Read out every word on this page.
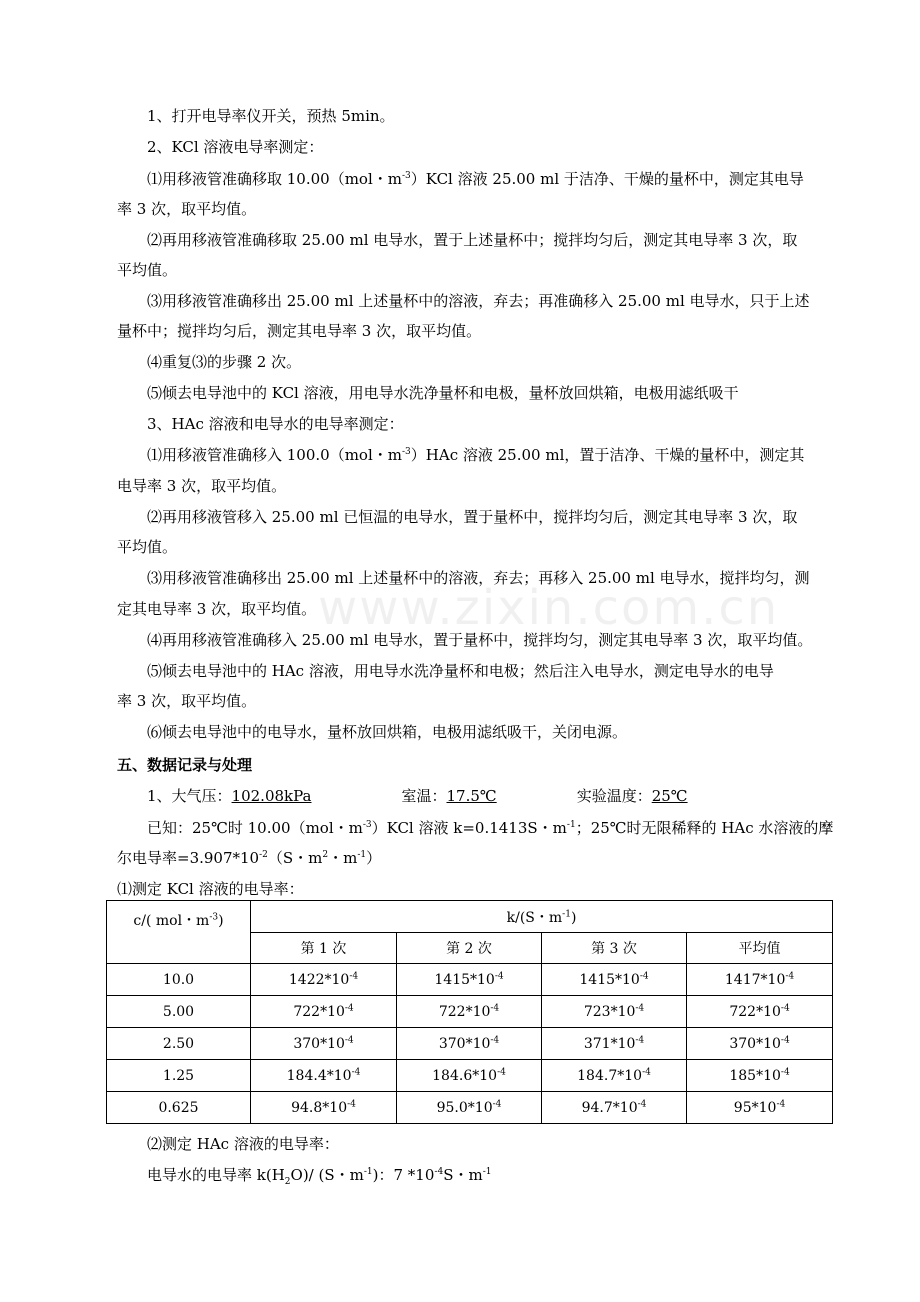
www.zixin.com.cn
1、打开电导率仪开关，预热 5min。
2、KCl 溶液电导率测定：
⑴用移液管准确移取 10.00（mol・$m^{-3})KCl$ 溶液 25.00 ml 于洁净、干燥的量杯中，测定其电导
率 3 次，取平均值。
⑵再用移液管准确移取 25.00 ml 电导水，置于上述量杯中；搅拌均匀后，测定其电导率 3 次，取
平均值。
⑶用移液管准确移出 25.00 ml 上述量杯中的溶液，弃去；再准确移入 25.00 ml 电导水，只于上述
量杯中；搅拌均匀后，测定其电导率 3 次，取平均值。
⑷重复⑶的步骤 2 次。
⑸倾去电导池中的 KCl 溶液，用电导水洗净量杯和电极，量杯放回烘箱，电极用滤纸吸干
3、HAc 溶液和电导水的电导率测定：
⑴用移液管准确移入 100.0（mol・$m^{-3})HAc$ 溶液 25.00 ml，置于洁净、干燥的量杯中，测定其
电导率 3 次，取平均值。
⑵再用移液管移入 25.00 ml 已恒温的电导水，置于量杯中，搅拌均匀后，测定其电导率 3 次，取
平均值。
⑶用移液管准确移出 25.00 ml 上述量杯中的溶液，弃去；再移入 25.00 ml 电导水，搅拌均匀，测
定其电导率 3 次，取平均值。
⑷再用移液管准确移入 25.00 ml 电导水，置于量杯中，搅拌均匀，测定其电导率 3 次，取平均值。
⑸倾去电导池中的 HAc 溶液，用电导水洗净量杯和电极；然后注入电导水，测定电导水的电导
率 3 次，取平均值。
⑹倾去电导池中的电导水，量杯放回烘箱，电极用滤纸吸干，关闭电源。
五、数据记录与处理
1、大气压：102.08kPa	室温：17.5℃	实验温度：25℃
已知：25℃时 10.00（mol・$m^{-3})KCl$ 溶液 k=0.1413S・$m^{-1}$；25℃时无限稀释的 HAc 水溶液的摩
尔电导率$=3.907*10^{-2}(S$・$m^2$・$m^{-1}$）
⑴测定 KCl 溶液的电导率：
c/( mol・$m^{-3}$)	k/(S・$m^{-1}$)			
	第 1 次	第 2 次	第 3 次	平均值
10.0	$1422*10^{-4}$	$1415*10^{-4}$	$1415*10^{-4}$	$1417*10^{-4}$
5.00	$722*10^{-4}$	$722*10^{-4}$	$723*10^{-4}$	$722*10^{-4}$
2.50	$370*10^{-4}$	$370*10^{-4}$	$371*10^{-4}$	$370*10^{-4}$
1.25	$184.4*10^{-4}$	$184.6*10^{-4}$	$184.7*10^{-4}$	$185*10^{-4}$
0.625	$94.8*10^{-4}$	$95.0*10^{-4}$	$94.7*10^{-4}$	$95*10^{-4}$
⑵测定 HAc 溶液的电导率：
电导水的电导率 $k(H_2O)/$ (S・$m^{-1}$)：7 $*10^{-4}S$・$m^{-1}$
